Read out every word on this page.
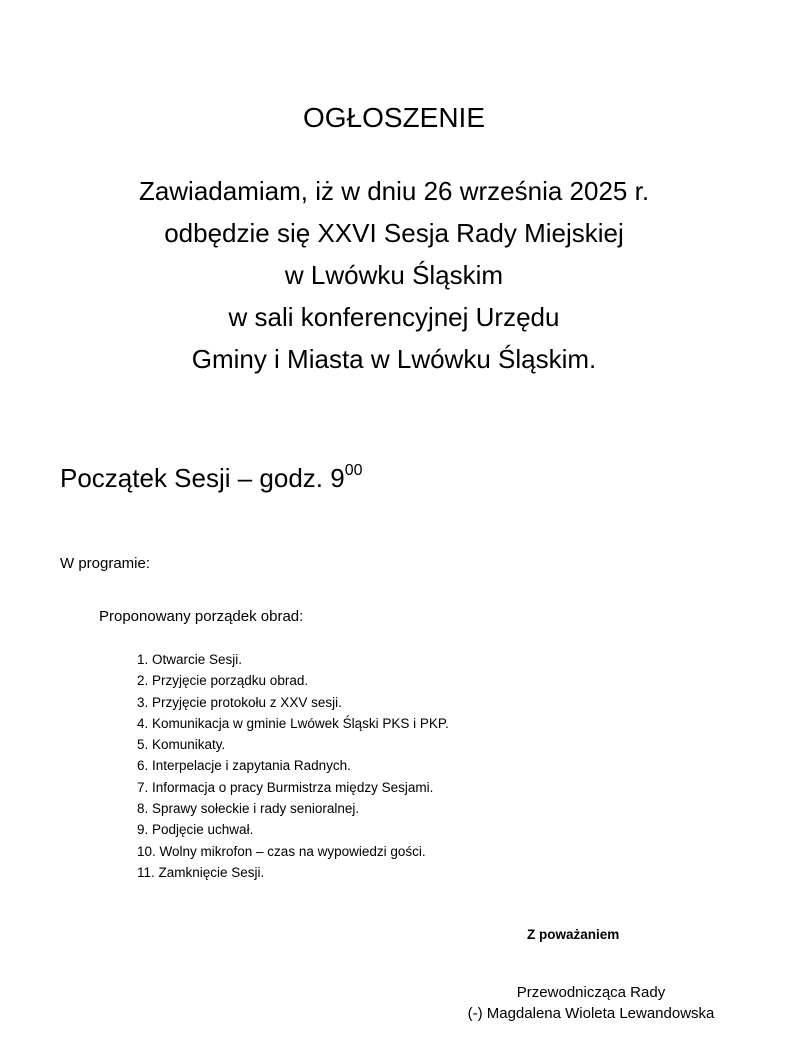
OGŁOSZENIE
Zawiadamiam, iż w dniu 26 września 2025 r.
odbędzie się XXVI Sesja Rady Miejskiej
w Lwówku Śląskim
w sali konferencyjnej Urzędu
Gminy i Miasta w Lwówku Śląskim.
Początek Sesji – godz. $9^{00}$
W programie:
Proponowany porządek obrad:
1. Otwarcie Sesji.
2. Przyjęcie porządku obrad.
3. Przyjęcie protokołu z XXV sesji.
4. Komunikacja w gminie Lwówek Śląski PKS i PKP.
5. Komunikaty.
6. Interpelacje i zapytania Radnych.
7. Informacja o pracy Burmistrza między Sesjami.
8. Sprawy sołeckie i rady senioralnej.
9. Podjęcie uchwał.
10. Wolny mikrofon – czas na wypowiedzi gości.
11. Zamknięcie Sesji.
Z poważaniem
Przewodnicząca Rady
(-) Magdalena Wioleta Lewandowska
